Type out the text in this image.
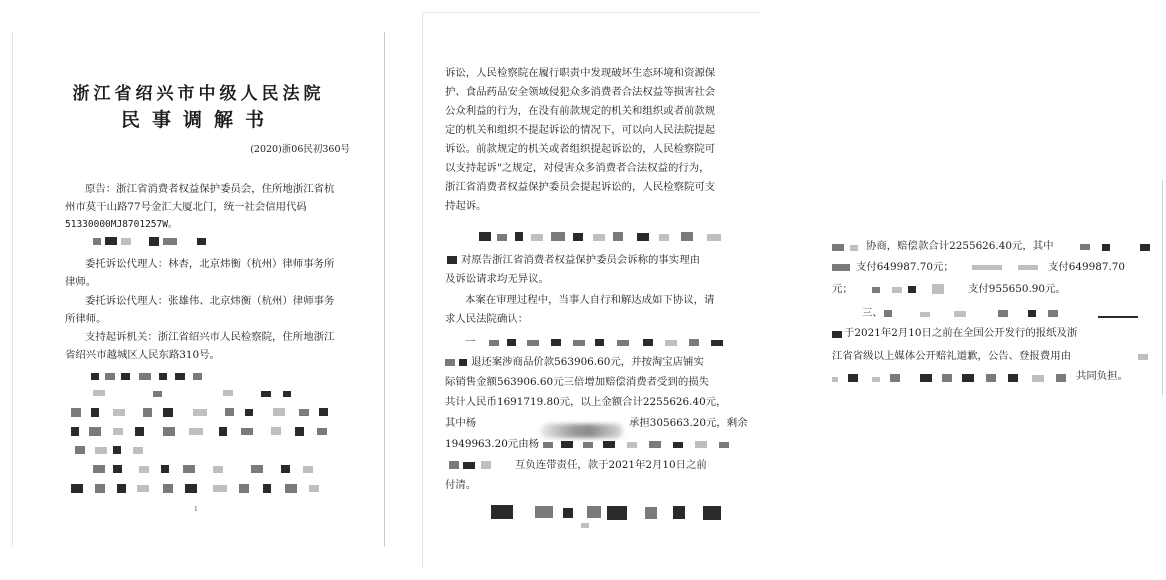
浙江省绍兴市中级人民法院
民事调解书
(2020)浙06民初360号
原告：浙江省消费者权益保护委员会，住所地浙江省杭
州市莫干山路77号金汇大厦北门，统一社会信用代码
51330000MJ8701257W。
委托诉讼代理人：林杏，北京炜衡（杭州）律师事务所
律师。
委托诉讼代理人：张雄伟、北京炜衡（杭州）律师事务
所律师。
支持起诉机关：浙江省绍兴市人民检察院，住所地浙江
省绍兴市越城区人民东路310号。
1
诉讼，人民检察院在履行职责中发现破坏生态环境和资源保
护、食品药品安全领域侵犯众多消费者合法权益等损害社会
公众利益的行为，在没有前款规定的机关和组织或者前款规
定的机关和组织不提起诉讼的情况下，可以向人民法院提起
诉讼。前款规定的机关或者组织提起诉讼的，人民检察院可
以支持起诉"之规定，对侵害众多消费者合法权益的行为，
浙江省消费者权益保护委员会提起诉讼的，人民检察院可支
持起诉。
对原告浙江省消费者权益保护委员会诉称的事实理由
及诉讼请求均无异议。
本案在审理过程中，当事人自行和解达成如下协议，请
求人民法院确认：
一
退还案涉商品价款563906.60元，并按淘宝店铺实
际销售金额563906.60元三倍增加赔偿消费者受到的损失
共计人民币1691719.80元，以上金额合计2255626.40元，
其中杨	承担305663.20元，剩余
1949963.20元由杨
互负连带责任，款于2021年2月10日之前
付清。
协商，赔偿款合计2255626.40元，其中
支付649987.70元；	支付649987.70
元；	支付955650.90元。
三、
于2021年2月10日之前在全国公开发行的报纸及浙
江省省级以上媒体公开赔礼道歉，公告、登报费用由
共同负担。
